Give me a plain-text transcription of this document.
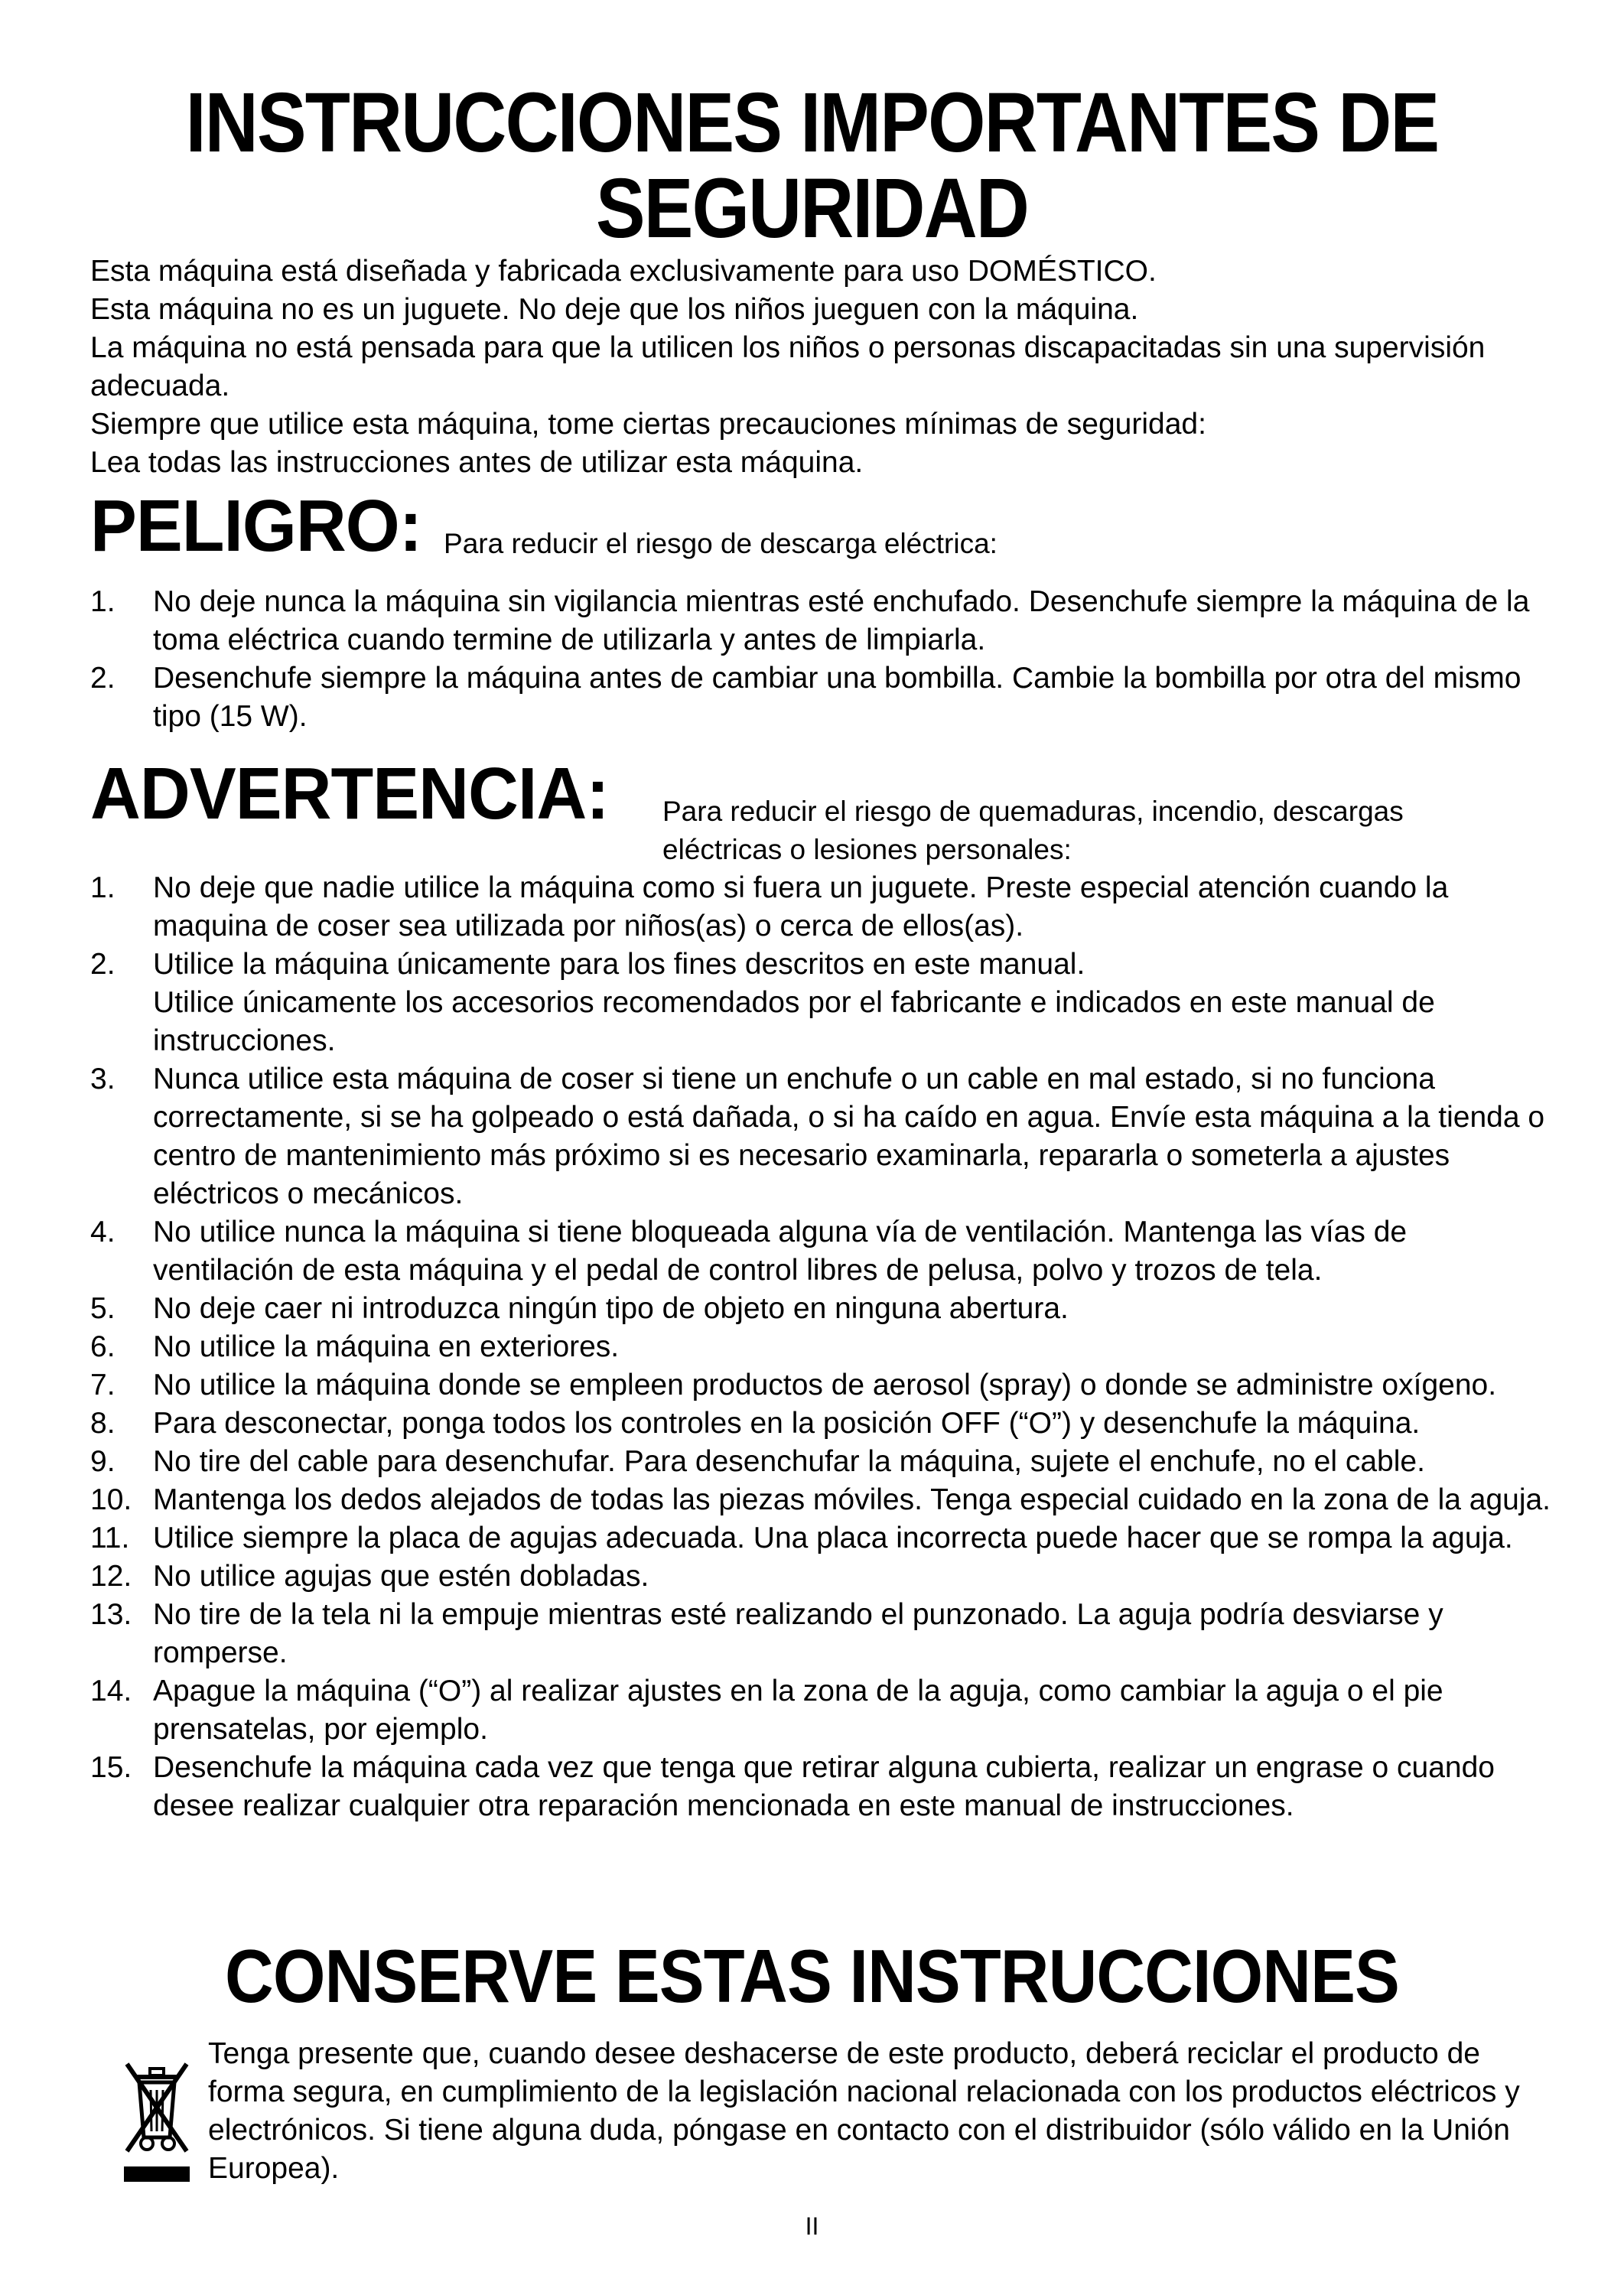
INSTRUCCIONES IMPORTANTES DE
SEGURIDAD

Esta máquina está diseñada y fabricada exclusivamente para uso DOMÉSTICO.

Esta máquina no es un juguete. No deje que los niños jueguen con la máquina.

La máquina no está pensada para que la utilicen los niños o personas discapacitadas sin una supervisión adecuada.

Siempre que utilice esta máquina, tome ciertas precauciones mínimas de seguridad:

Lea todas las instrucciones antes de utilizar esta máquina.

PELIGRO: Para reducir el riesgo de descarga eléctrica:
1.	No deje nunca la máquina sin vigilancia mientras esté enchufado. Desenchufe siempre la máquina de la toma eléctrica cuando termine de utilizarla y antes de limpiarla.
2.	Desenchufe siempre la máquina antes de cambiar una bombilla. Cambie la bombilla por otra del mismo tipo (15 W).
ADVERTENCIA:	Para reducir el riesgo de quemaduras, incendio, descargas
eléctricas o lesiones personales:
1.	No deje que nadie utilice la máquina como si fuera un juguete. Preste especial atención cuando la maquina de coser sea utilizada por niños(as) o cerca de ellos(as).
2.	Utilice la máquina únicamente para los fines descritos en este manual.
Utilice únicamente los accesorios recomendados por el fabricante e indicados en este manual de instrucciones.
3.	Nunca utilice esta máquina de coser si tiene un enchufe o un cable en mal estado, si no funciona correctamente, si se ha golpeado o está dañada, o si ha caído en agua. Envíe esta máquina a la tienda o centro de mantenimiento más próximo si es necesario examinarla, repararla o someterla a ajustes eléctricos o mecánicos.
4.	No utilice nunca la máquina si tiene bloqueada alguna vía de ventilación. Mantenga las vías de ventilación de esta máquina y el pedal de control libres de pelusa, polvo y trozos de tela.
5.	No deje caer ni introduzca ningún tipo de objeto en ninguna abertura.
6.	No utilice la máquina en exteriores.
7.	No utilice la máquina donde se empleen productos de aerosol (spray) o donde se administre oxígeno.
8.	Para desconectar, ponga todos los controles en la posición OFF (“O”) y desenchufe la máquina.
9.	No tire del cable para desenchufar. Para desenchufar la máquina, sujete el enchufe, no el cable.
10. Mantenga los dedos alejados de todas las piezas móviles. Tenga especial cuidado en la zona de la aguja.
11. Utilice siempre la placa de agujas adecuada. Una placa incorrecta puede hacer que se rompa la aguja.
12. No utilice agujas que estén dobladas.
13. No tire de la tela ni la empuje mientras esté realizando el punzonado. La aguja podría desviarse y romperse.
14. Apague la máquina (“O”) al realizar ajustes en la zona de la aguja, como cambiar la aguja o el pie prensatelas, por ejemplo.
15. Desenchufe la máquina cada vez que tenga que retirar alguna cubierta, realizar un engrase o cuando desee realizar cualquier otra reparación mencionada en este manual de instrucciones.
CONSERVE ESTAS INSTRUCCIONES
Tenga presente que, cuando desee deshacerse de este producto, deberá reciclar el producto de forma segura, en cumplimiento de la legislación nacional relacionada con los productos eléctricos y electrónicos. Si tiene alguna duda, póngase en contacto con el distribuidor (sólo válido en la Unión Europea).
II
